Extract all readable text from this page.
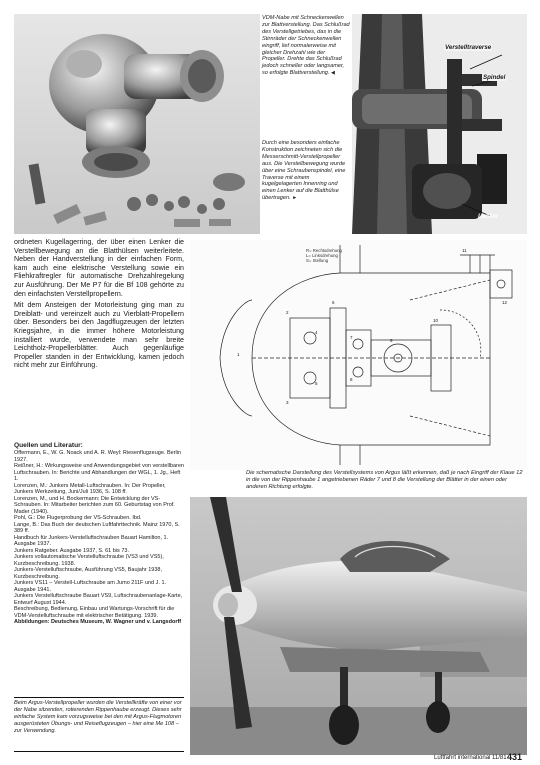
VDM-Nabe mit Schneckenwellen zur Blattverstellung. Das Schlußrad des Verstellgetriebes, das in die Stirnräder der Schneckenwellen eingriff, lief normalerweise mit gleicher Drehzahl wie der Propeller. Drehte das Schlußrad jedoch schneller oder langsamer, so erfolgte Blattverstellung. ◀
Durch eine besonders einfache Konstruktion zeichneten sich die Messerschmitt-Verstellpropeller aus. Die Verstellbewegung wurde über eine Schraubenspindel, eine Traverse mit einem kugelgelagerten Innenring und einen Lenker auf die Blatthülse übertragen. ►
Verstelltraverse
Spindel
Lenker

ordneten Kugellagerring, der über einen Lenker die Verstellbewegung an die Blatthülsen weiterleitete. Neben der Handverstellung in der einfachen Form, kam auch eine elektrische Verstellung sowie ein Fliehkraftregler für automatische Drehzahlregelung zur Ausführung. Der Me P7 für die Bf 108 gehörte zu den einfachsten Verstellpropellern.

Mit dem Ansteigen der Motorleistung ging man zu Dreiblatt- und vereinzelt auch zu Vierblatt-Propellern über. Besonders bei den Jagdflugzeugen der letzten Kriegsjahre, in die immer höhere Motorleistung installiert wurde, verwendete man sehr breite Leichtholz-Propellerblätter. Auch gegenläufige Propeller standen in der Entwicklung, kamen jedoch nicht mehr zur Einführung.

Quellen und Literatur:

Offermann, E., W. G. Noack und A. R. Weyl: Riesenflugzeuge. Berlin 1927.

Reißner, H.: Wirkungsweise und Anwendungsgebiet von verstellbaren Luftschrauben. In: Berichte und Abhandlungen der WGL, 1. Jg., Heft 1.

Lorenzen, M.: Junkers Metall-Luftschrauben. In: Der Propeller, Junkers Werkzeitung, Juni/Juli 1936, S. 108 ff.

Lorenzen, M., und H. Bockermann: Die Entwicklung der VS-Schrauben. In: Mitarbeiter berichten zum 60. Geburtstag von Prof. Mader (1940).

Pohl, G.: Die Flugerprobung der VS-Schrauben. Ibd.

Lange, B.: Das Buch der deutschen Luftfahrttechnik. Mainz 1970, S. 389 ff.

Handbuch für Junkers-Verstelluftschrauben Bauart Hamilton, 1. Ausgabe 1937.

Junkers Ratgeber. Ausgabe 1937, S. 61 bis 73.

Junkers vollautomatische Verstelluftschraube (VS3 und VS5), Kurzbeschreibung. 1938.

Junkers-Verstelluftschraube, Ausführung VS5, Baujahr 1938, Kurzbeschreibung.

Junkers VS11 – Verstell-Luftschraube am Jumo 211F und J. 1. Ausgabe 1941.

Junkers Verstelluftschraube Bauart VS9, Luftschraubenanlage-Karte, Entwurf August 1944.

Beschreibung, Bedienung, Einbau und Wartungs-Vorschrift für die VDM-Verstelluftschraube mit elektrischer Betätigung. 1939.

Abbildungen: Deutsches Museum, W. Wagner und v. Langsdorff

Beim Argus-Verstellpropeller wurden die Verstellkräfte von einer vor der Nabe sitzenden, rotierenden Rippenhaube erzeugt. Dieses sehr einfache System kam vorzugsweise bei den mit Argus-Flugmotoren ausgerüsteten Übungs- und Reiseflugzeugen – hier eine Me 108 – zur Verwendung.
R= Rechtsdrehung
L= Linksdrehung
S= Stellung
1
2
3
4
5
6
7
8
9
10
11
12
Die schematische Darstellung des Verstellsystems von Argus läßt erkennen, daß je nach Eingriff der Klaue 12 in die von der Rippenhaube 1 angetriebenen Räder 7 und 8 die Verstellung der Blätter in der einen oder anderen Richtung erfolgte.
Luftfahrt international 11/81 431
